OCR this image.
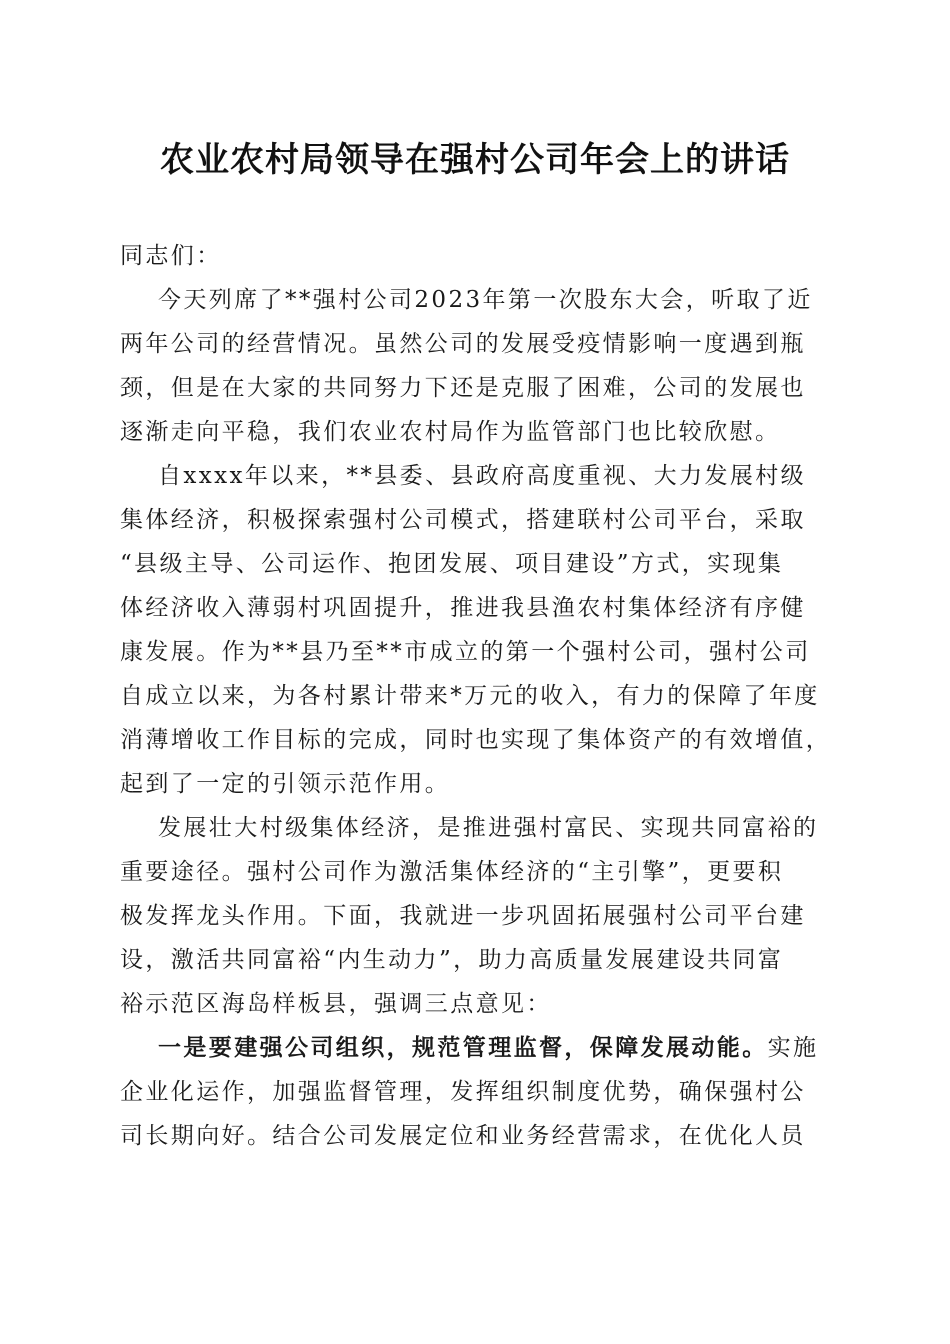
农业农村局领导在强村公司年会上的讲话
同志们：
今天列席了**强村公司2023年第一次股东大会，听取了近
两年公司的经营情况。虽然公司的发展受疫情影响一度遇到瓶
颈，但是在大家的共同努力下还是克服了困难，公司的发展也
逐渐走向平稳，我们农业农村局作为监管部门也比较欣慰。
自xxxx年以来，**县委、县政府高度重视、大力发展村级
集体经济，积极探索强村公司模式，搭建联村公司平台，采取
“县级主导、公司运作、抱团发展、项目建设”方式，实现集
体经济收入薄弱村巩固提升，推进我县渔农村集体经济有序健
康发展。作为**县乃至**市成立的第一个强村公司，强村公司
自成立以来，为各村累计带来*万元的收入，有力的保障了年度
消薄增收工作目标的完成，同时也实现了集体资产的有效增值，
起到了一定的引领示范作用。
发展壮大村级集体经济，是推进强村富民、实现共同富裕的
重要途径。强村公司作为激活集体经济的“主引擎”，更要积
极发挥龙头作用。下面，我就进一步巩固拓展强村公司平台建
设，激活共同富裕“内生动力”，助力高质量发展建设共同富
裕示范区海岛样板县，强调三点意见：
一是要建强公司组织，规范管理监督，保障发展动能。实施
企业化运作，加强监督管理，发挥组织制度优势，确保强村公
司长期向好。结合公司发展定位和业务经营需求，在优化人员
